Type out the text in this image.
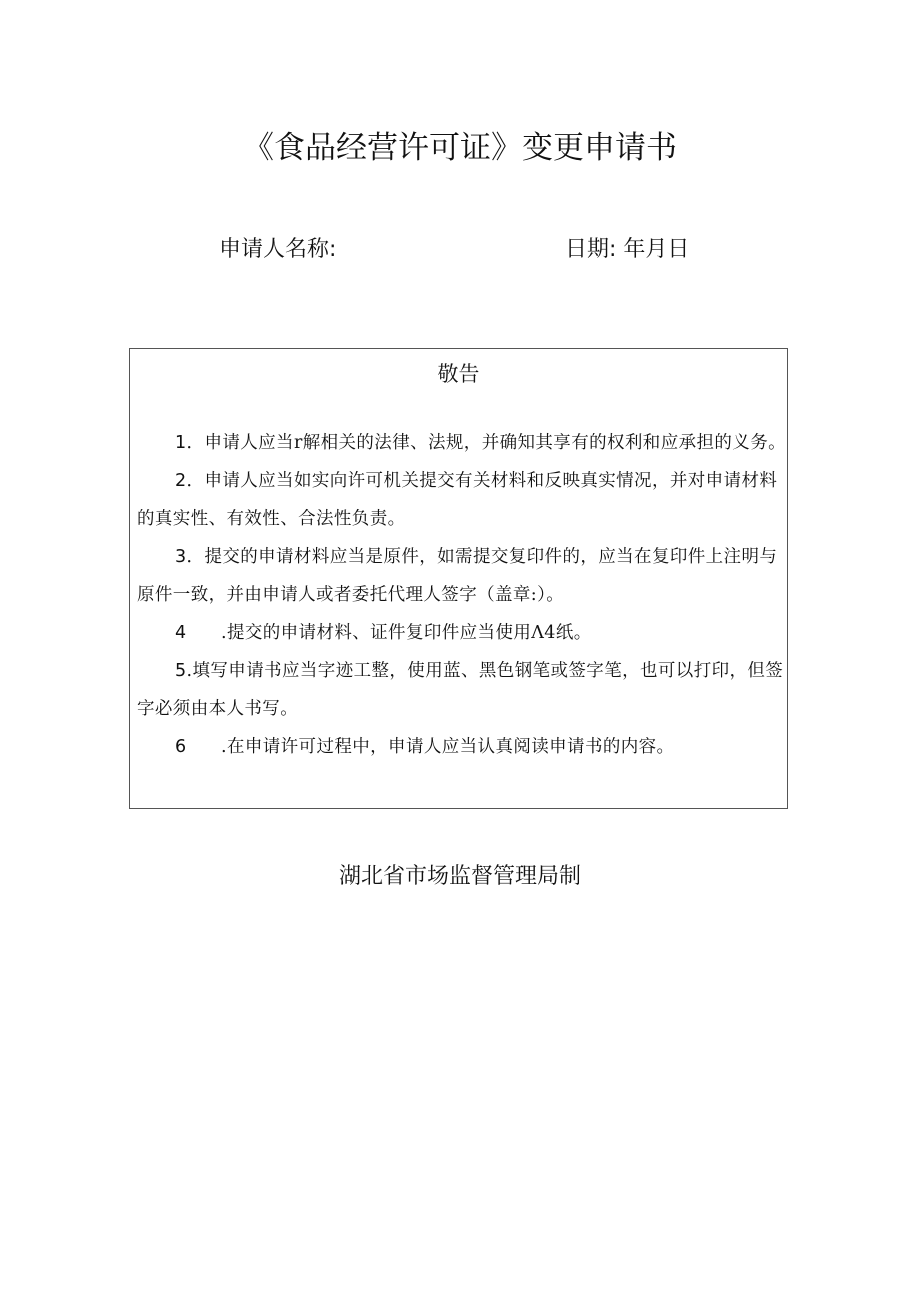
《食品经营许可证》变更申请书
申请人名称:	日期: 年月日
敬告
1．申请人应当r解相关的法律、法规，并确知其享有的权利和应承担的义务。
2．申请人应当如实向许可机关提交有关材料和反映真实情况，并对申请材料的真实性、有效性、合法性负责。
3．提交的申请材料应当是原件，如需提交复印件的，应当在复印件上注明与原件一致，并由申请人或者委托代理人签字（盖章:）。
4 .提交的申请材料、证件复印件应当使用Λ4纸。
5.填写申请书应当字迹工整，使用蓝、黑色钢笔或签字笔，也可以打印，但签字必须由本人书写。
6 .在申请许可过程中，申请人应当认真阅读申请书的内容。
湖北省市场监督管理局制
